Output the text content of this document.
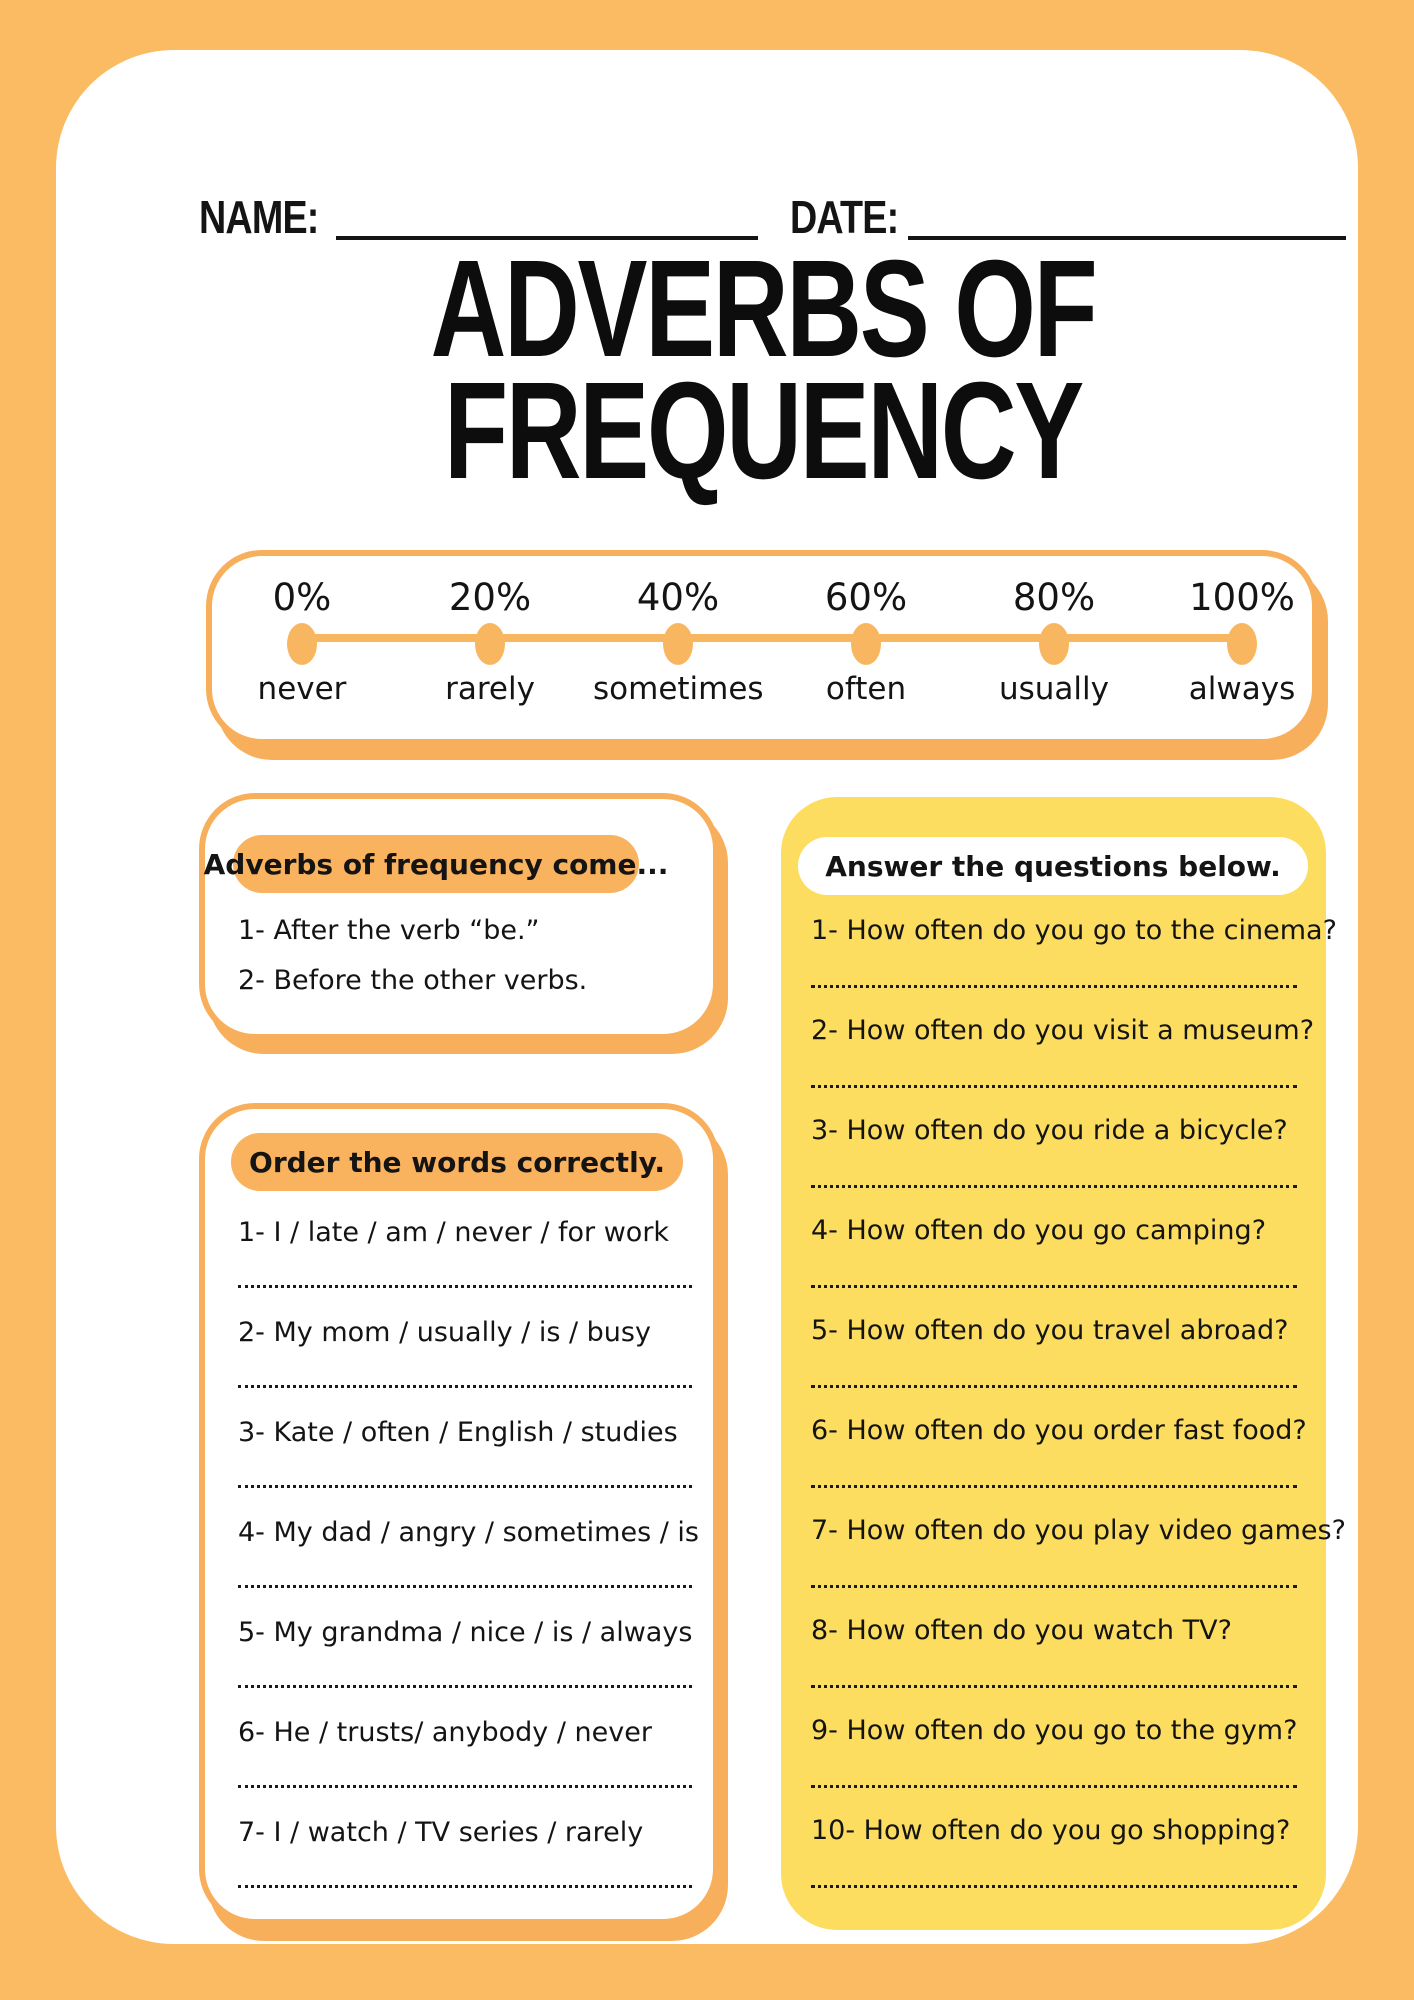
NAME:	DATE:
ADVERBS OF
FREQUENCY
0%
never
20%
rarely
40%
sometimes
60%
often
80%
usually
100%
always
Adverbs of frequency come...
1- After the verb “be.”
2- Before the other verbs.
Order the words correctly.
1- I / late / am / never / for work
2- My mom / usually / is / busy
3- Kate / often / English / studies
4- My dad / angry / sometimes / is
5- My grandma / nice / is / always
6- He / trusts/ anybody / never
7- I / watch / TV series / rarely
Answer the questions below.
1- How often do you go to the cinema?
2- How often do you visit a museum?
3- How often do you ride a bicycle?
4- How often do you go camping?
5- How often do you travel abroad?
6- How often do you order fast food?
7- How often do you play video games?
8- How often do you watch TV?
9- How often do you go to the gym?
10- How often do you go shopping?
